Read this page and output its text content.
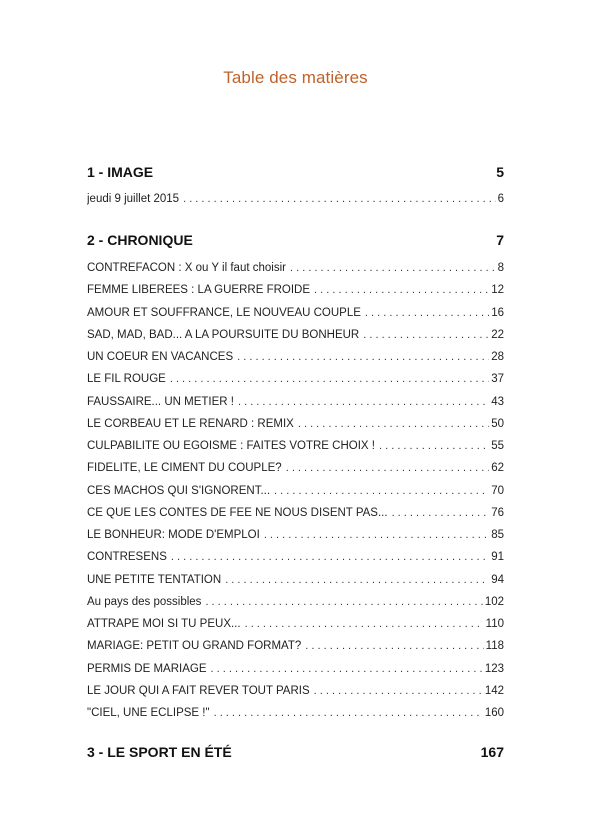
Table des matières
1 - IMAGE	5
jeudi 9 juillet 2015 . . .	6
2 - CHRONIQUE	7
CONTREFACON : X ou Y il faut choisir . . .	8
FEMME LIBEREES : LA GUERRE FROIDE . . .	12
AMOUR ET SOUFFRANCE, LE NOUVEAU COUPLE . . .	16
SAD, MAD, BAD... A LA POURSUITE DU BONHEUR . . .	22
UN COEUR EN VACANCES . . .	28
LE FIL ROUGE . . .	37
FAUSSAIRE... UN METIER ! . . .	43
LE CORBEAU ET LE RENARD : REMIX . . .	50
CULPABILITE OU EGOISME : FAITES VOTRE CHOIX ! . . .	55
FIDELITE, LE CIMENT DU COUPLE? . . .	62
CES MACHOS QUI S'IGNORENT... . . .	70
CE QUE LES CONTES DE FEE NE NOUS DISENT PAS... . . .	76
LE BONHEUR: MODE D'EMPLOI . . .	85
CONTRESENS . . .	91
UNE PETITE TENTATION . . .	94
Au pays des possibles . . .	102
ATTRAPE MOI SI TU PEUX... . . .	110
MARIAGE: PETIT OU GRAND FORMAT? . . .	118
PERMIS DE MARIAGE . . .	123
LE JOUR QUI A FAIT REVER TOUT PARIS . . .	142
"CIEL, UNE ECLIPSE !" . . .	160
3 - LE SPORT EN ÉTÉ	167
